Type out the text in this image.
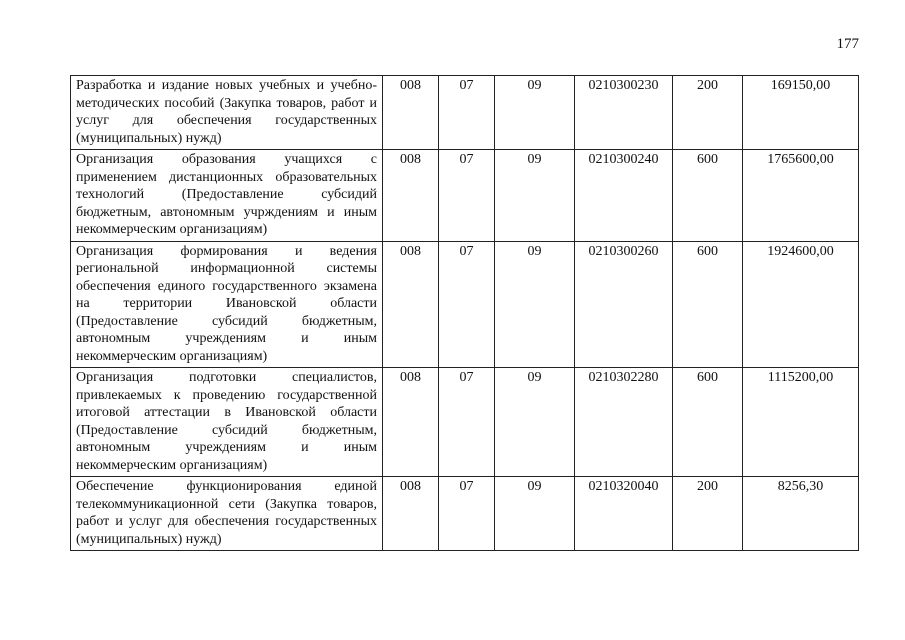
177
Разработка и издание новых учебных и учебно-методических пособий (Закупка товаров, работ и услуг для обеспечения государственных (муниципальных) нужд)	008	07	09	0210300230	200	169150,00
Организация образования учащихся с применением дистанционных образовательных технологий (Предоставление субсидий бюджетным, автономным учрждениям и иным некоммерческим организациям)	008	07	09	0210300240	600	1765600,00
Организация формирования и ведения региональной информационной системы обеспечения единого государственного экзамена на территории Ивановской области (Предоставление субсидий бюджетным, автономным учреждениям и иным некоммерческим организациям)	008	07	09	0210300260	600	1924600,00
Организация подготовки специалистов, привлекаемых к проведению государственной итоговой аттестации в Ивановской области (Предоставление субсидий бюджетным, автономным учреждениям и иным некоммерческим организациям)	008	07	09	0210302280	600	1115200,00
Обеспечение функционирования единой телекоммуникационной сети (Закупка товаров, работ и услуг для обеспечения государственных (муниципальных) нужд)	008	07	09	0210320040	200	8256,30
